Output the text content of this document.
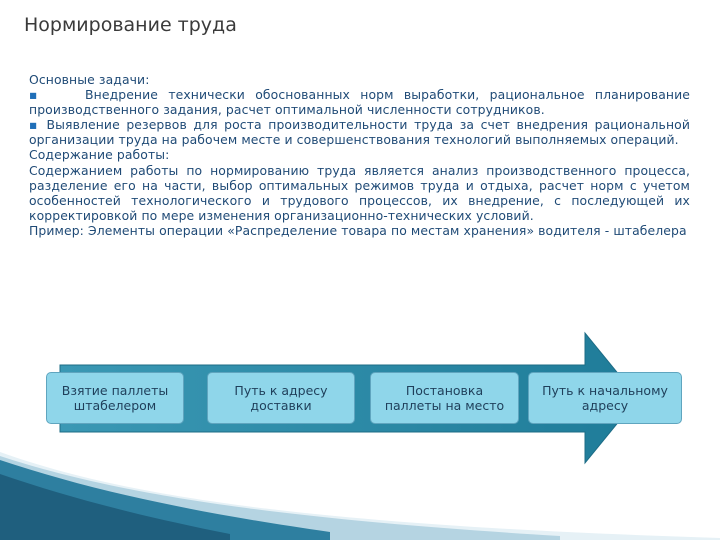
Нормирование труда

Основные задачи:

▪	Внедрение технически обоснованных норм выработки, рациональное планирование производственного задания, расчет оптимальной численности сотрудников.

▪ Выявление резервов для роста производительности труда за счет внедрения рациональной организации труда на рабочем месте и совершенствования технологий выполняемых операций.

Содержание работы:

Содержанием работы по нормированию труда является анализ производственного процесса, разделение его на части, выбор оптимальных режимов труда и отдыха, расчет норм с учетом особенностей технологического и трудового процессов, их внедрение, с последующей их корректировкой по мере изменения организационно-технических условий.

Пример: Элементы операции «Распределение товара по местам хранения» водителя - штабелера

Взятие паллеты штабелером
Путь к адресу доставки
Постановка паллеты на место
Путь к начальному адресу
